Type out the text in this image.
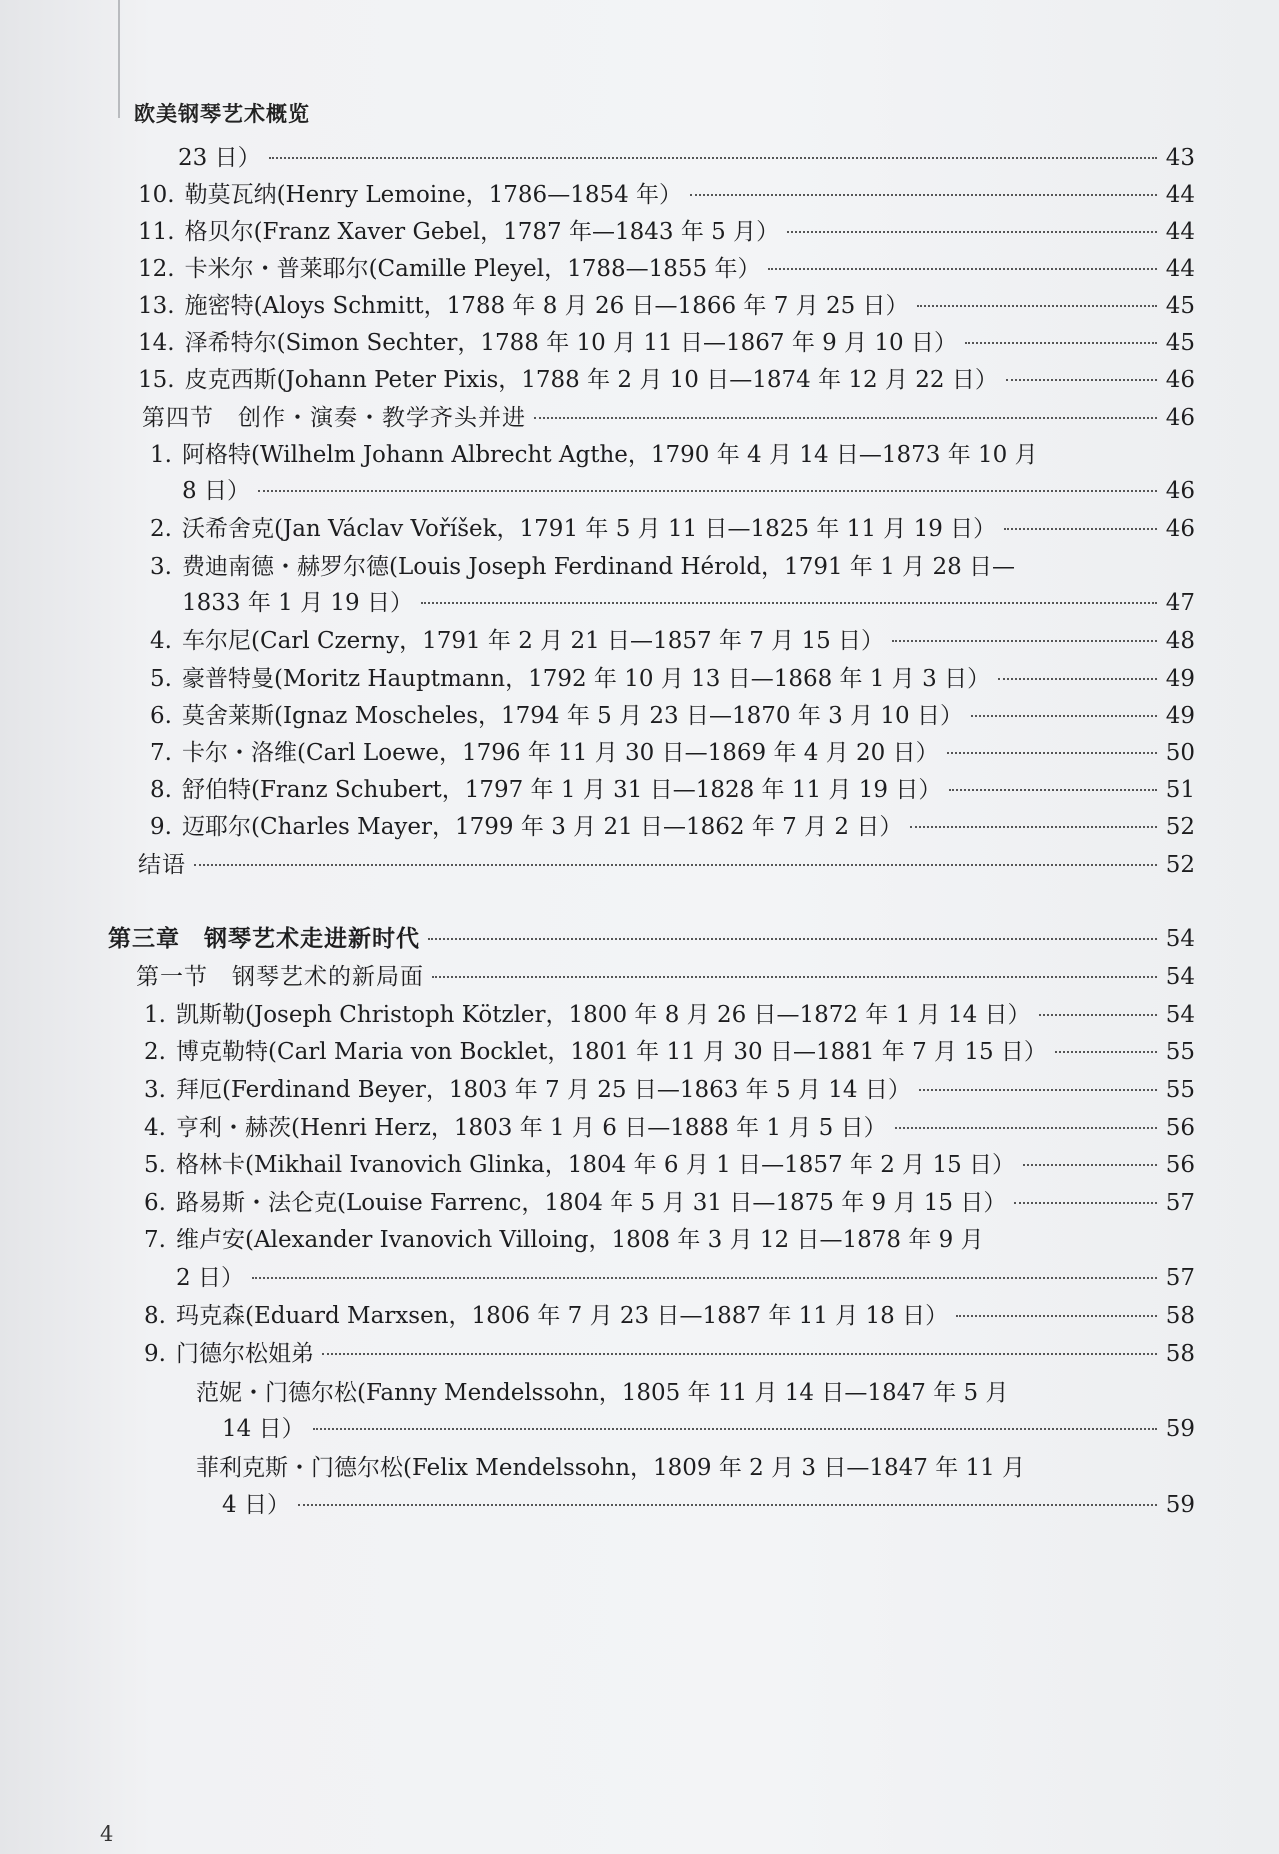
欧美钢琴艺术概览
23 日）	43
10. 勒莫瓦纳(Henry Lemoine，1786—1854 年）	44
11. 格贝尔(Franz Xaver Gebel，1787 年—1843 年 5 月）	44
12. 卡米尔・普莱耶尔(Camille Pleyel，1788—1855 年）	44
13. 施密特(Aloys Schmitt，1788 年 8 月 26 日—1866 年 7 月 25 日）	45
14. 泽希特尔(Simon Sechter，1788 年 10 月 11 日—1867 年 9 月 10 日）	45
15. 皮克西斯(Johann Peter Pixis，1788 年 2 月 10 日—1874 年 12 月 22 日）	46
第四节　创作・演奏・教学齐头并进	46
1. 阿格特(Wilhelm Johann Albrecht Agthe，1790 年 4 月 14 日—1873 年 10 月
8 日）	46
2. 沃希舍克(Jan Václav Voříšek，1791 年 5 月 11 日—1825 年 11 月 19 日）	46
3. 费迪南德・赫罗尔德(Louis Joseph Ferdinand Hérold，1791 年 1 月 28 日—
1833 年 1 月 19 日）	47
4. 车尔尼(Carl Czerny，1791 年 2 月 21 日—1857 年 7 月 15 日）	48
5. 豪普特曼(Moritz Hauptmann，1792 年 10 月 13 日—1868 年 1 月 3 日）	49
6. 莫舍莱斯(Ignaz Moscheles，1794 年 5 月 23 日—1870 年 3 月 10 日）	49
7. 卡尔・洛维(Carl Loewe，1796 年 11 月 30 日—1869 年 4 月 20 日）	50
8. 舒伯特(Franz Schubert，1797 年 1 月 31 日—1828 年 11 月 19 日）	51
9. 迈耶尔(Charles Mayer，1799 年 3 月 21 日—1862 年 7 月 2 日）	52
结语	52
第三章　钢琴艺术走进新时代	54
第一节　钢琴艺术的新局面	54
1. 凯斯勒(Joseph Christoph Kötzler，1800 年 8 月 26 日—1872 年 1 月 14 日）	54
2. 博克勒特(Carl Maria von Bocklet，1801 年 11 月 30 日—1881 年 7 月 15 日）	55
3. 拜厄(Ferdinand Beyer，1803 年 7 月 25 日—1863 年 5 月 14 日）	55
4. 亨利・赫茨(Henri Herz，1803 年 1 月 6 日—1888 年 1 月 5 日）	56
5. 格林卡(Mikhail Ivanovich Glinka，1804 年 6 月 1 日—1857 年 2 月 15 日）	56
6. 路易斯・法仑克(Louise Farrenc，1804 年 5 月 31 日—1875 年 9 月 15 日）	57
7. 维卢安(Alexander Ivanovich Villoing，1808 年 3 月 12 日—1878 年 9 月
2 日）	57
8. 玛克森(Eduard Marxsen，1806 年 7 月 23 日—1887 年 11 月 18 日）	58
9. 门德尔松姐弟	58
范妮・门德尔松(Fanny Mendelssohn，1805 年 11 月 14 日—1847 年 5 月
14 日）	59
菲利克斯・门德尔松(Felix Mendelssohn，1809 年 2 月 3 日—1847 年 11 月
4 日）	59
4
